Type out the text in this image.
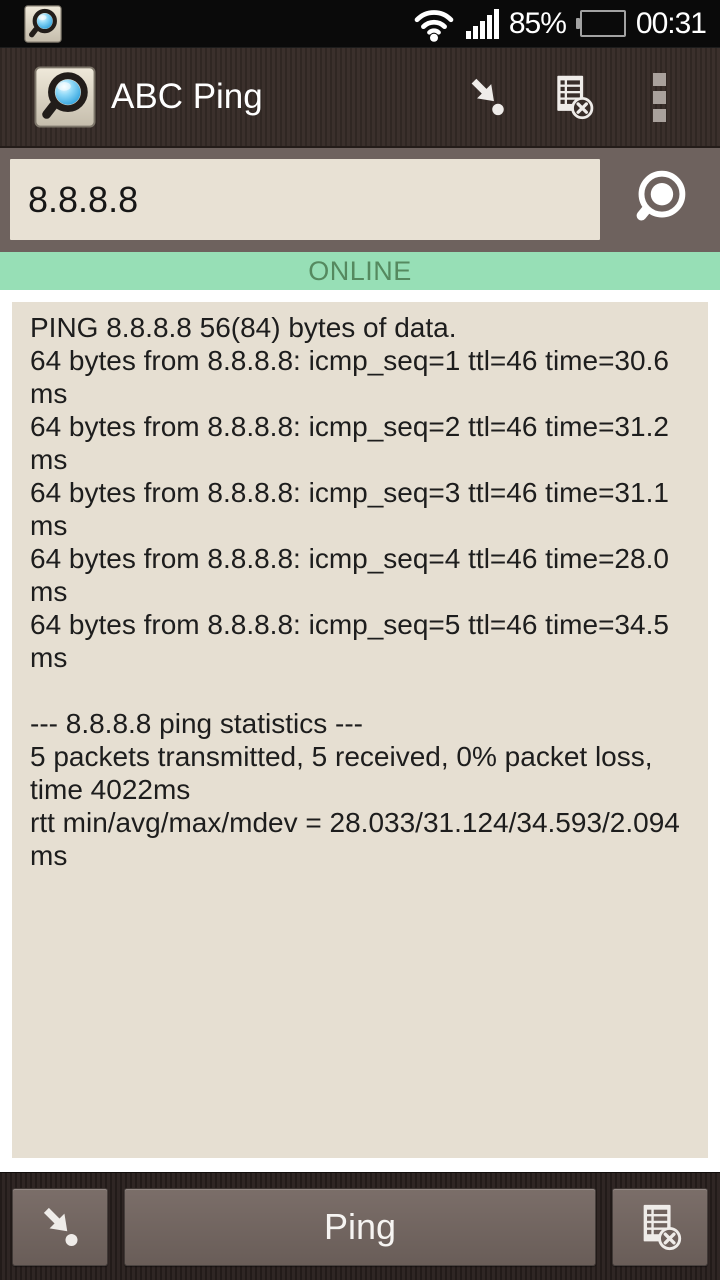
85% 00:31
ABC Ping
8.8.8.8
ONLINE
PING 8.8.8.8 56(84) bytes of data.
64 bytes from 8.8.8.8: icmp_seq=1 ttl=46 time=30.6 ms
64 bytes from 8.8.8.8: icmp_seq=2 ttl=46 time=31.2 ms
64 bytes from 8.8.8.8: icmp_seq=3 ttl=46 time=31.1 ms
64 bytes from 8.8.8.8: icmp_seq=4 ttl=46 time=28.0 ms
64 bytes from 8.8.8.8: icmp_seq=5 ttl=46 time=34.5 ms
--- 8.8.8.8 ping statistics ---
5 packets transmitted, 5 received, 0% packet loss, time 4022ms
rtt min/avg/max/mdev = 28.033/31.124/34.593/2.094 ms
Ping
